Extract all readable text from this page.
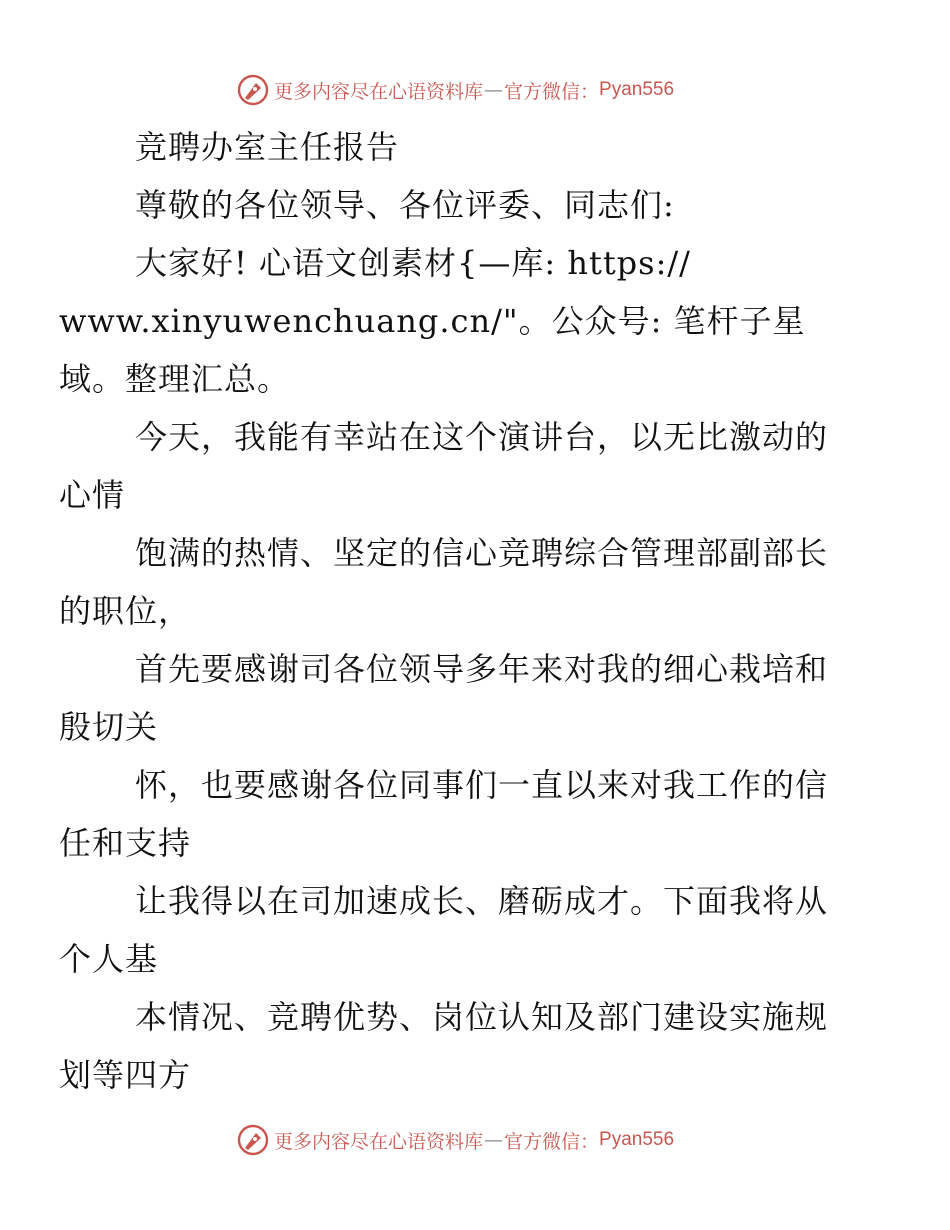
更多内容尽在心语资料库 — 官方微信： Pyan556

竞聘办室主任报告

尊敬的各位领导、各位评委、同志们:

大家好! 心语文创素材{—库: https://
www.xinyuwenchuang.cn/"。公众号: 笔杆子星
域。整理汇总。

今天，我能有幸站在这个演讲台，以无比激动的
心情

饱满的热情、坚定的信心竞聘综合管理部副部长
的职位，

首先要感谢司各位领导多年来对我的细心栽培和
殷切关

怀，也要感谢各位同事们一直以来对我工作的信
任和支持

让我得以在司加速成长、磨砺成才。下面我将从
个人基

本情况、竞聘优势、岗位认知及部门建设实施规
划等四方

更多内容尽在心语资料库 — 官方微信： Pyan556
